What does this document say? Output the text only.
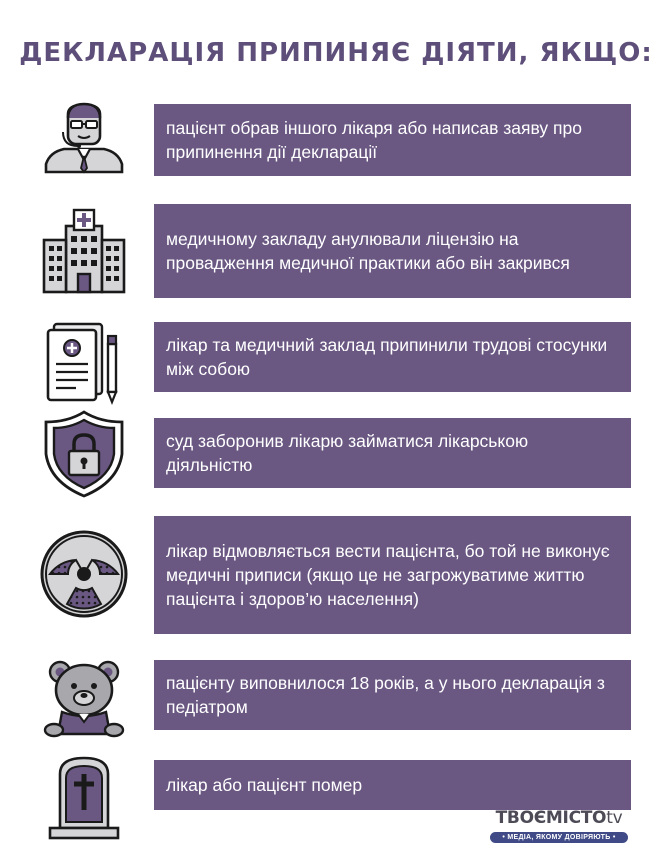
ДЕКЛАРАЦІЯ ПРИПИНЯЄ ДІЯТИ, ЯКЩО:
пацієнт обрав іншого лікаря або написав заяву про припинення дії декларації
медичному закладу анулювали ліцензію на провадження медичної практики або він закрився
лікар та медичний заклад припинили трудові стосунки між собою
суд заборонив лікарю займатися лікарською діяльністю
лікар відмовляється вести пацієнта, бо той не виконує медичні приписи (якщо це не загрожуватиме життю пацієнта і здоров’ю населення)
пацієнту виповнилося 18 років, а у нього декларація з педіатром
лікар або пацієнт помер
ТВОЄМІСТОtv
• МЕДІА, ЯКОМУ ДОВІРЯЮТЬ •
